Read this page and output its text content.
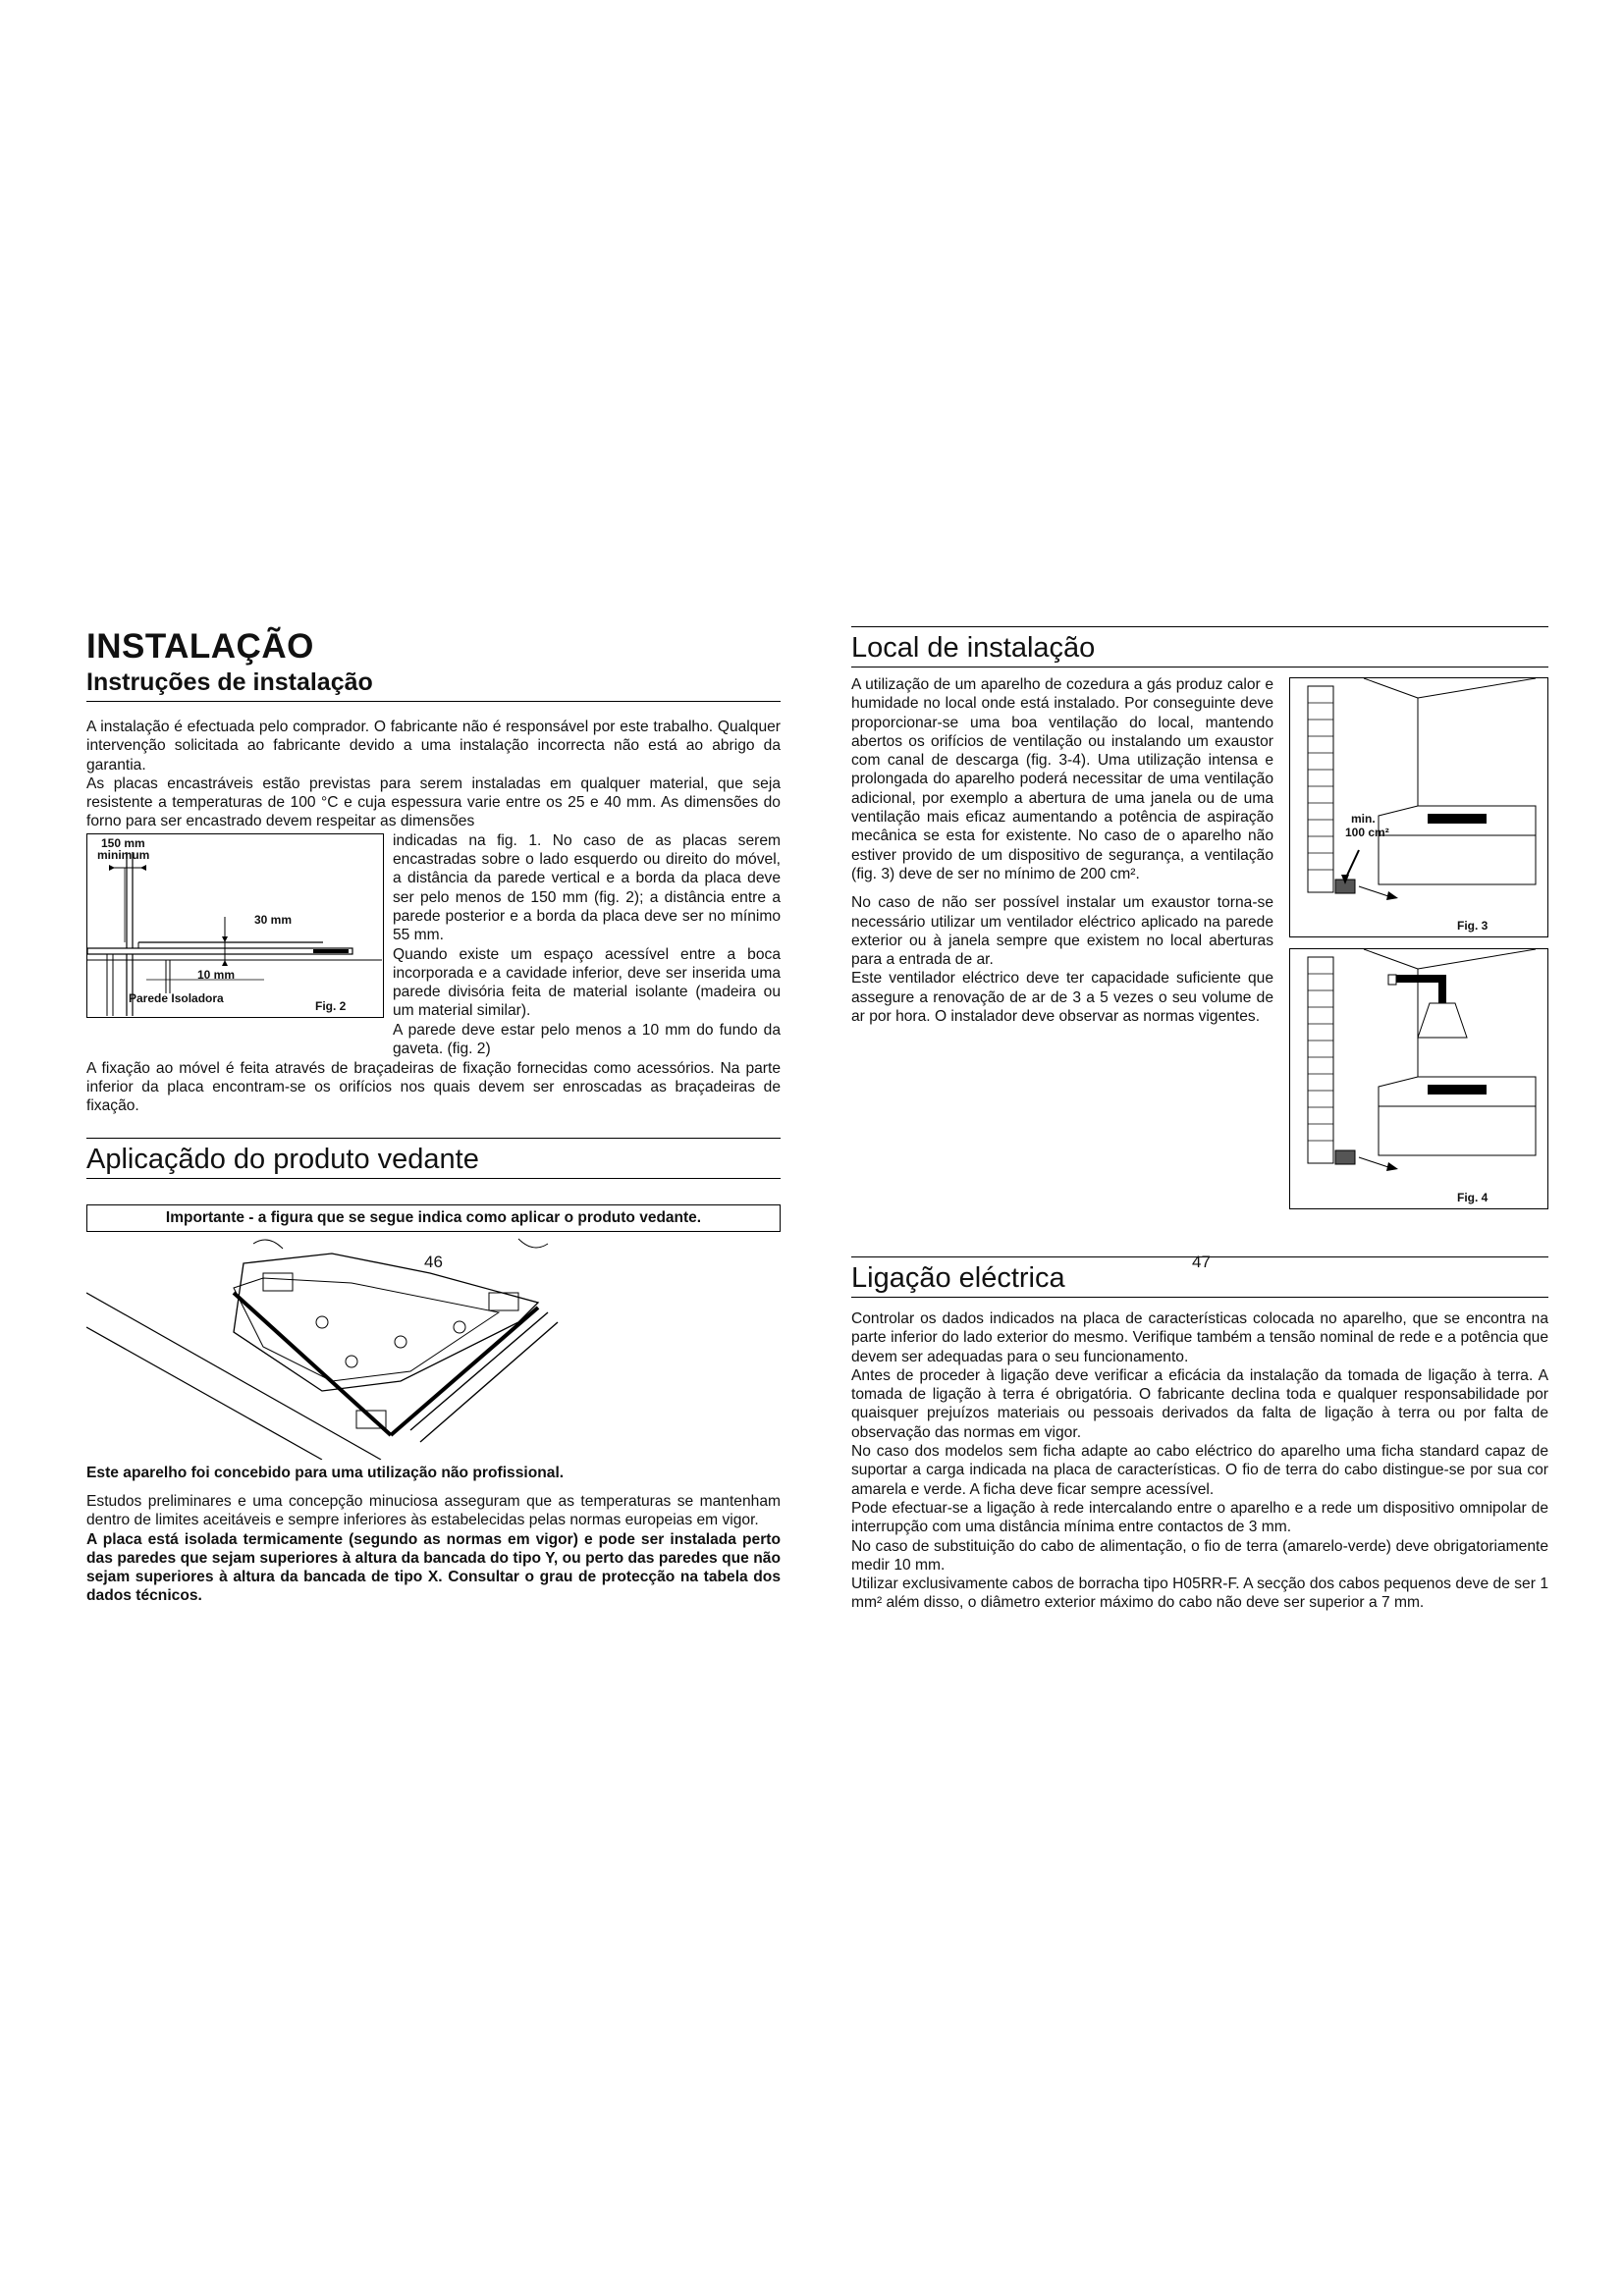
INSTALAÇÃO
Instruções de instalação

A instalação é efectuada pelo comprador. O fabricante não é responsável por este trabalho. Qualquer intervenção solicitada ao fabricante devido a uma instalação incorrecta não está ao abrigo da garantia.

As placas encastráveis estão previstas para serem instaladas em qualquer material, que seja resistente a temperaturas de 100 °C e cuja espessura varie entre os 25 e 40 mm. As dimensões do forno para ser encastrado devem respeitar as dimensões

150 mm
minimum
30 mm
10 mm
Parede Isoladora
Fig. 2

indicadas na fig. 1. No caso de as placas serem encastradas sobre o lado esquerdo ou direito do móvel, a distância da parede vertical e a borda da placa deve ser pelo menos de 150 mm (fig. 2); a distância entre a parede posterior e a borda da placa deve ser no mínimo 55 mm.

Quando existe um espaço acessível entre a boca incorporada e a cavidade inferior, deve ser inserida uma parede divisória feita de material isolante (madeira ou um material similar).

A parede deve estar pelo menos a 10 mm do fundo da gaveta. (fig. 2)

A fixação ao móvel é feita através de braçadeiras de fixação fornecidas como acessórios. Na parte inferior da placa encontram-se os orifícios nos quais devem ser enroscadas as braçadeiras de fixação.

Aplicaçãdo do produto vedante
Importante - a figura que se segue indica como aplicar o produto vedante.

Este aparelho foi concebido para uma utilização não profissional.

Estudos preliminares e uma concepção minuciosa asseguram que as temperaturas se mantenham dentro de limites aceitáveis e sempre inferiores às estabelecidas pelas normas europeias em vigor.

A placa está isolada termicamente (segundo as normas em vigor) e pode ser instalada perto das paredes que sejam superiores à altura da bancada do tipo Y, ou perto das paredes que não sejam superiores à altura da bancada de tipo X. Consultar o grau de protecção na tabela dos dados técnicos.

46
Local de instalação

A utilização de um aparelho de cozedura a gás produz calor e humidade no local onde está instalado. Por conseguinte deve proporcionar-se uma boa ventilação do local, mantendo abertos os orifícios de ventilação ou instalando um exaustor com canal de descarga (fig. 3-4). Uma utilização intensa e prolongada do aparelho poderá necessitar de uma ventilação adicional, por exemplo a abertura de uma janela ou de uma ventilação mais eficaz aumentando a potência de aspiração mecânica se esta for existente. No caso de o aparelho não estiver provido de um dispositivo de segurança, a ventilação (fig. 3) deve de ser no mínimo de 200 cm².

No caso de não ser possível instalar um exaustor torna-se necessário utilizar um ventilador eléctrico aplicado na parede exterior ou à janela sempre que existem no local aberturas para a entrada de ar.

Este ventilador eléctrico deve ter capacidade suficiente que assegure a renovação de ar de 3 a 5 vezes o seu volume de ar por hora. O instalador deve observar as normas vigentes.

min.
100 cm²
Fig. 3
Fig. 4
Ligação eléctrica

Controlar os dados indicados na placa de características colocada no aparelho, que se encontra na parte inferior do lado exterior do mesmo. Verifique também a tensão nominal de rede e a potência que devem ser adequadas para o seu funcionamento.

Antes de proceder à ligação deve verificar a eficácia da instalação da tomada de ligação à terra. A tomada de ligação à terra é obrigatória. O fabricante declina toda e qualquer responsabilidade por quaisquer prejuízos materiais ou pessoais derivados da falta de ligação à terra ou por falta de observação das normas em vigor.

No caso dos modelos sem ficha adapte ao cabo eléctrico do aparelho uma ficha standard capaz de suportar a carga indicada na placa de características. O fio de terra do cabo distingue-se por sua cor amarela e verde. A ficha deve ficar sempre acessível.

Pode efectuar-se a ligação à rede intercalando entre o aparelho e a rede um dispositivo omnipolar de interrupção com uma distância mínima entre contactos de 3 mm.

No caso de substituição do cabo de alimentação, o fio de terra (amarelo-verde) deve obrigatoriamente medir 10 mm.

Utilizar exclusivamente cabos de borracha tipo H05RR-F. A secção dos cabos pequenos deve de ser 1 mm² além disso, o diâmetro exterior máximo do cabo não deve ser superior a 7 mm.

47
